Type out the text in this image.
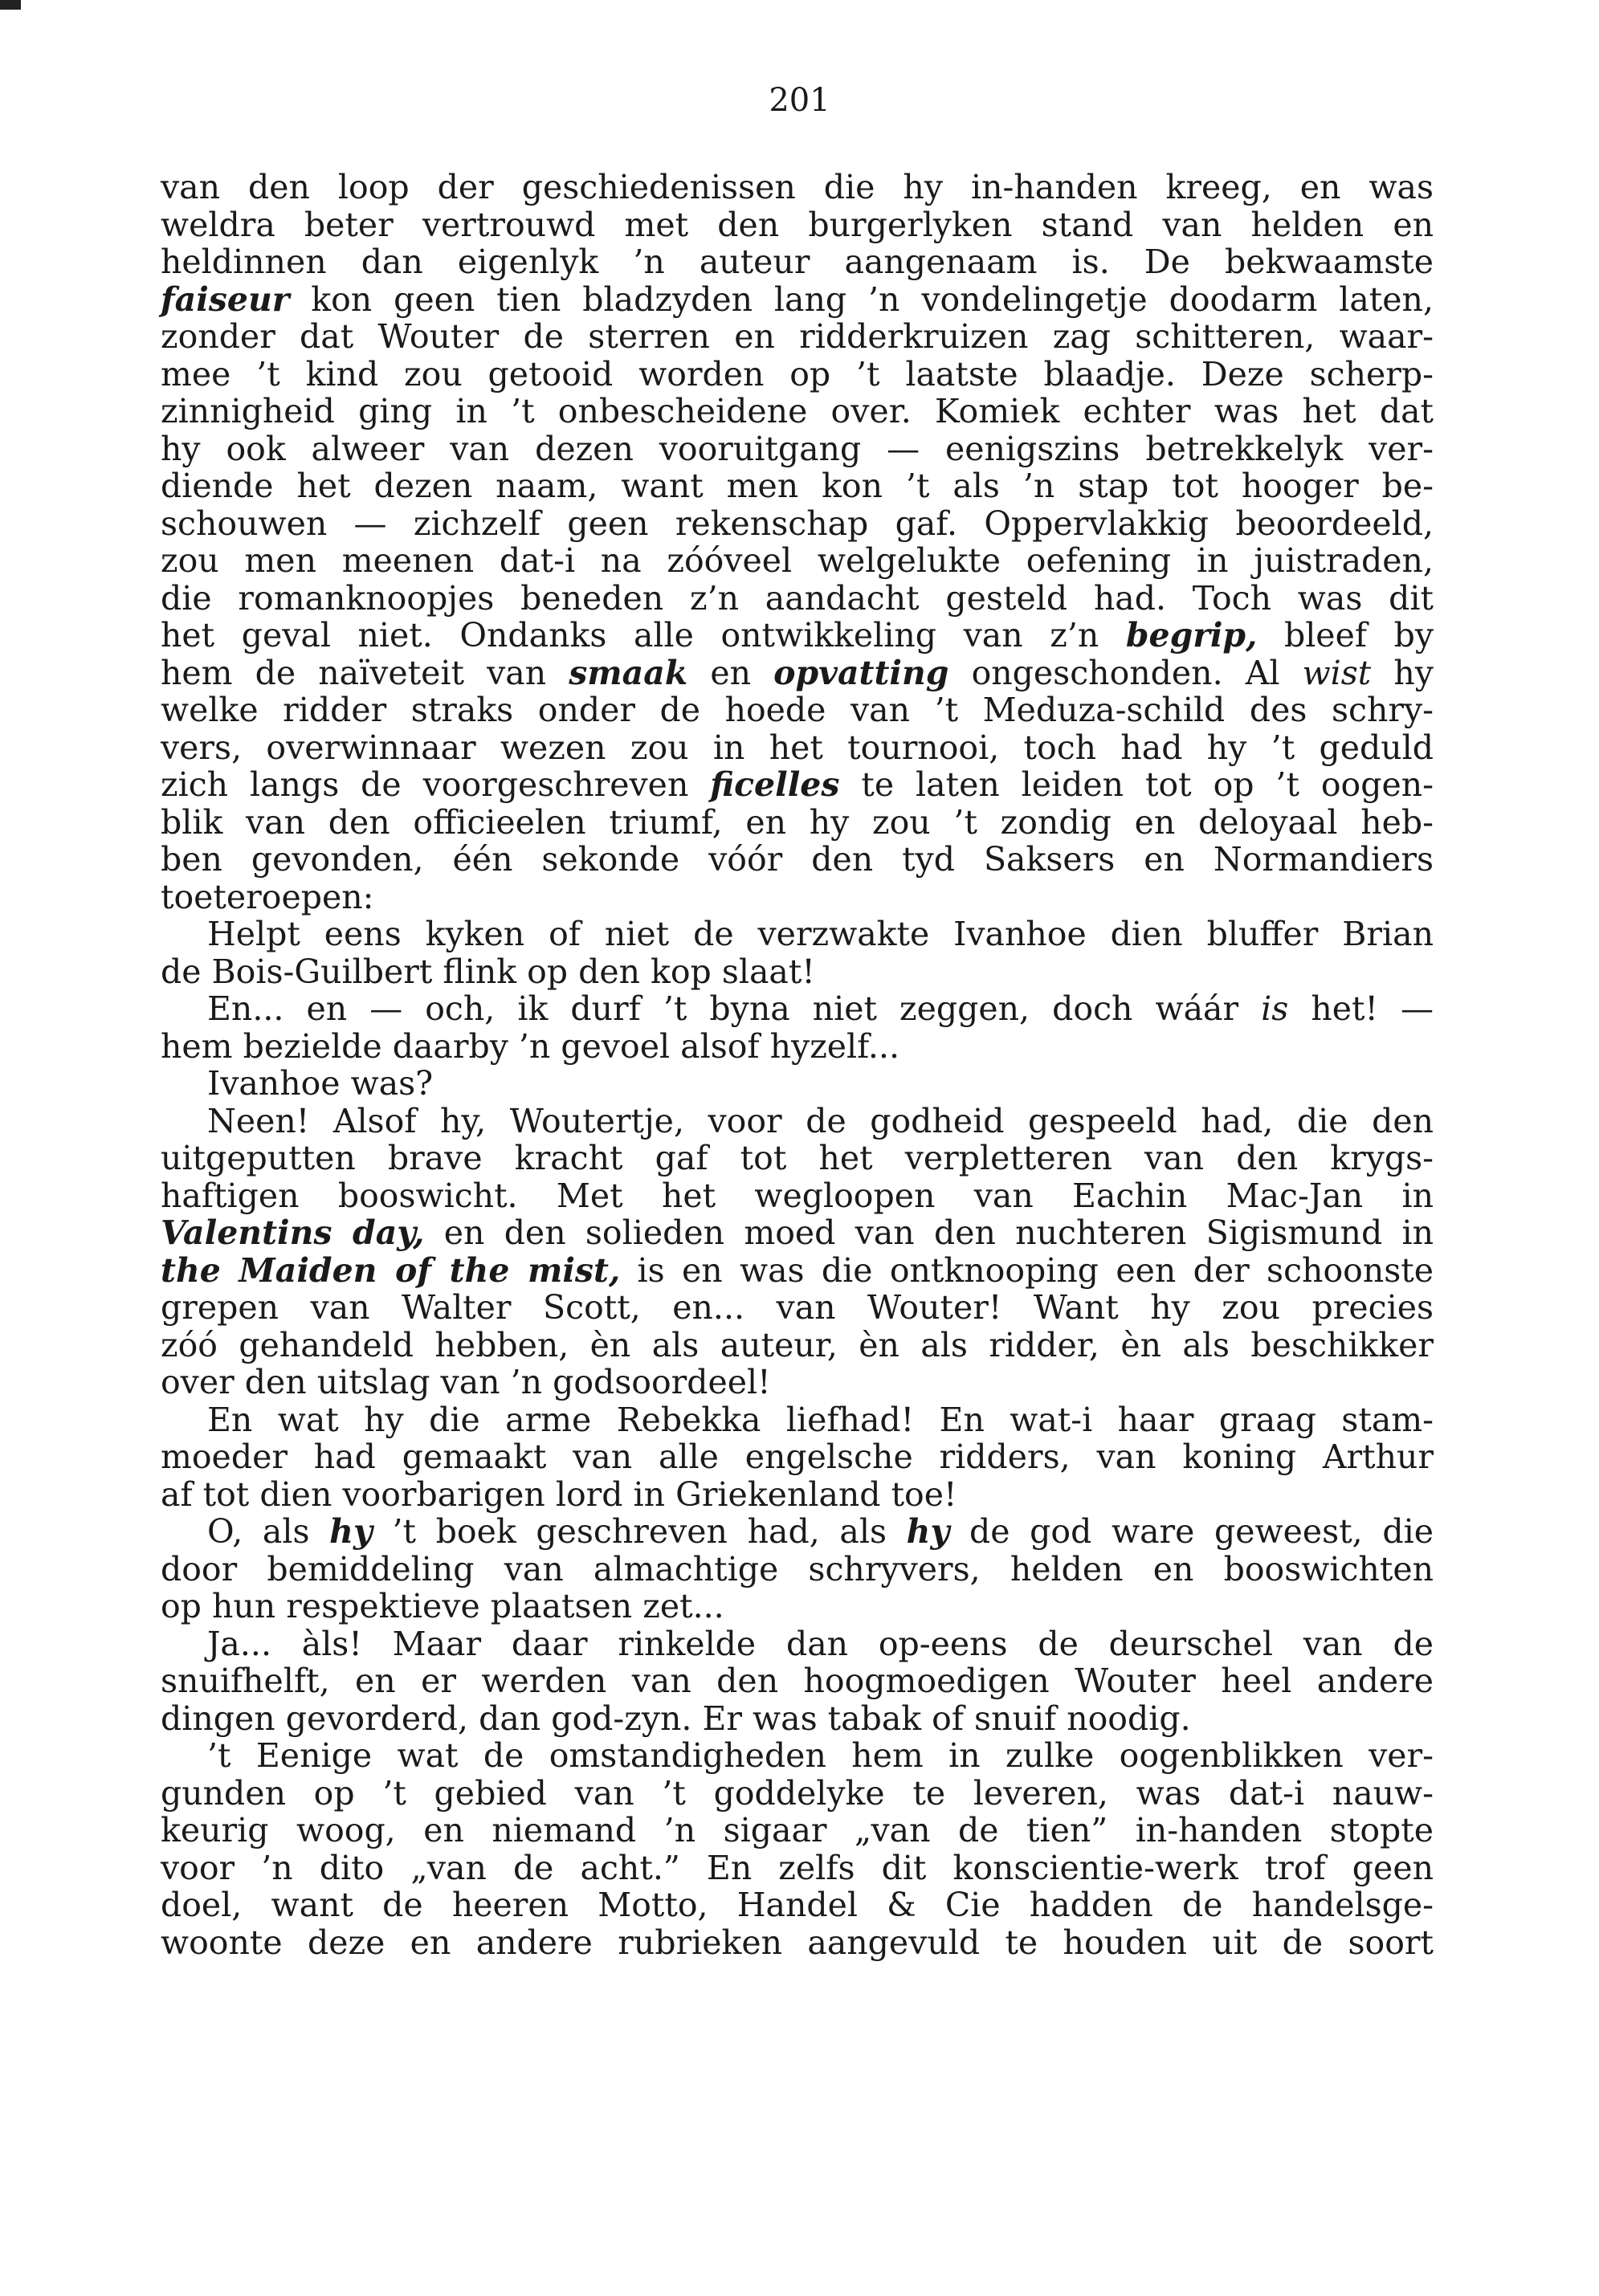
201
van den loop der geschiedenissen die hy in-handen kreeg, en was
weldra beter vertrouwd met den burgerlyken stand van helden en
heldinnen dan eigenlyk ’n auteur aangenaam is. De bekwaamste
faiseur kon geen tien bladzyden lang ’n vondelingetje doodarm laten,
zonder dat Wouter de sterren en ridderkruizen zag schitteren, waar-
mee ’t kind zou getooid worden op ’t laatste blaadje. Deze scherp-
zinnigheid ging in ’t onbescheidene over. Komiek echter was het dat
hy ook alweer van dezen vooruitgang — eenigszins betrekkelyk ver-
diende het dezen naam, want men kon ’t als ’n stap tot hooger be-
schouwen — zichzelf geen rekenschap gaf. Oppervlakkig beoordeeld,
zou men meenen dat-i na zóóveel welgelukte oefening in juistraden,
die romanknoopjes beneden z’n aandacht gesteld had. Toch was dit
het geval niet. Ondanks alle ontwikkeling van z’n begrip, bleef by
hem de naïveteit van smaak en opvatting ongeschonden. Al wist hy
welke ridder straks onder de hoede van ’t Meduza-schild des schry-
vers, overwinnaar wezen zou in het tournooi, toch had hy ’t geduld
zich langs de voorgeschreven ficelles te laten leiden tot op ’t oogen-
blik van den officieelen triumf, en hy zou ’t zondig en deloyaal heb-
ben gevonden, één sekonde vóór den tyd Saksers en Normandiers
toeteroepen:
Helpt eens kyken of niet de verzwakte Ivanhoe dien bluffer Brian
de Bois-Guilbert flink op den kop slaat!
En... en — och, ik durf ’t byna niet zeggen, doch wáár is het! —
hem bezielde daarby ’n gevoel alsof hyzelf...
Ivanhoe was?
Neen! Alsof hy, Woutertje, voor de godheid gespeeld had, die den
uitgeputten brave kracht gaf tot het verpletteren van den krygs-
haftigen booswicht. Met het wegloopen van Eachin Mac-Jan in
Valentins day, en den solieden moed van den nuchteren Sigismund in
the Maiden of the mist, is en was die ontknooping een der schoonste
grepen van Walter Scott, en... van Wouter! Want hy zou precies
zóó gehandeld hebben, èn als auteur, èn als ridder, èn als beschikker
over den uitslag van ’n godsoordeel!
En wat hy die arme Rebekka liefhad! En wat-i haar graag stam-
moeder had gemaakt van alle engelsche ridders, van koning Arthur
af tot dien voorbarigen lord in Griekenland toe!
O, als hy ’t boek geschreven had, als hy de god ware geweest, die
door bemiddeling van almachtige schryvers, helden en booswichten
op hun respektieve plaatsen zet...
Ja... àls! Maar daar rinkelde dan op-eens de deurschel van de
snuifhelft, en er werden van den hoogmoedigen Wouter heel andere
dingen gevorderd, dan god-zyn. Er was tabak of snuif noodig.
’t Eenige wat de omstandigheden hem in zulke oogenblikken ver-
gunden op ’t gebied van ’t goddelyke te leveren, was dat-i nauw-
keurig woog, en niemand ’n sigaar „van de tien” in-handen stopte
voor ’n dito „van de acht.” En zelfs dit konscientie-werk trof geen
doel, want de heeren Motto, Handel & Cie hadden de handelsge-
woonte deze en andere rubrieken aangevuld te houden uit de soort
